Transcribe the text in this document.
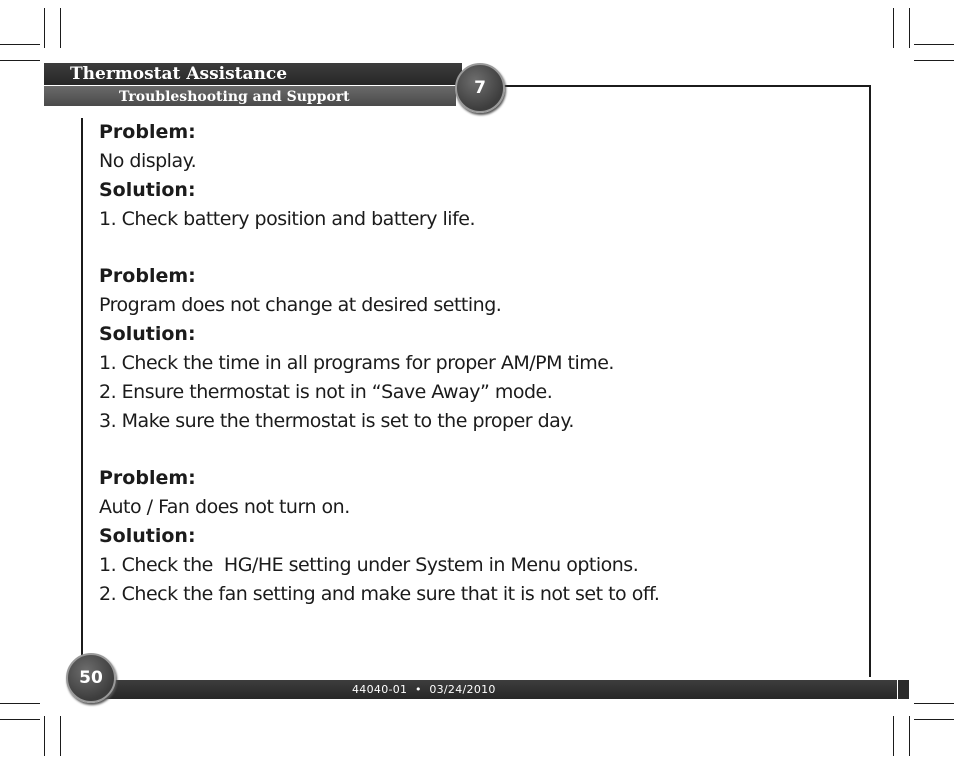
Thermostat Assistance
Troubleshooting and Support	7
Problem:
No display.
Solution:
1. Check battery position and battery life.
Problem:
Program does not change at desired setting.
Solution:
1. Check the time in all programs for proper AM/PM time.
2. Ensure thermostat is not in “Save Away” mode.
3. Make sure the thermostat is set to the proper day.
Problem:
Auto / Fan does not turn on.
Solution:
1. Check the  HG/HE setting under System in Menu options.
2. Check the fan setting and make sure that it is not set to off.
44040-01  •  03/24/2010
50
